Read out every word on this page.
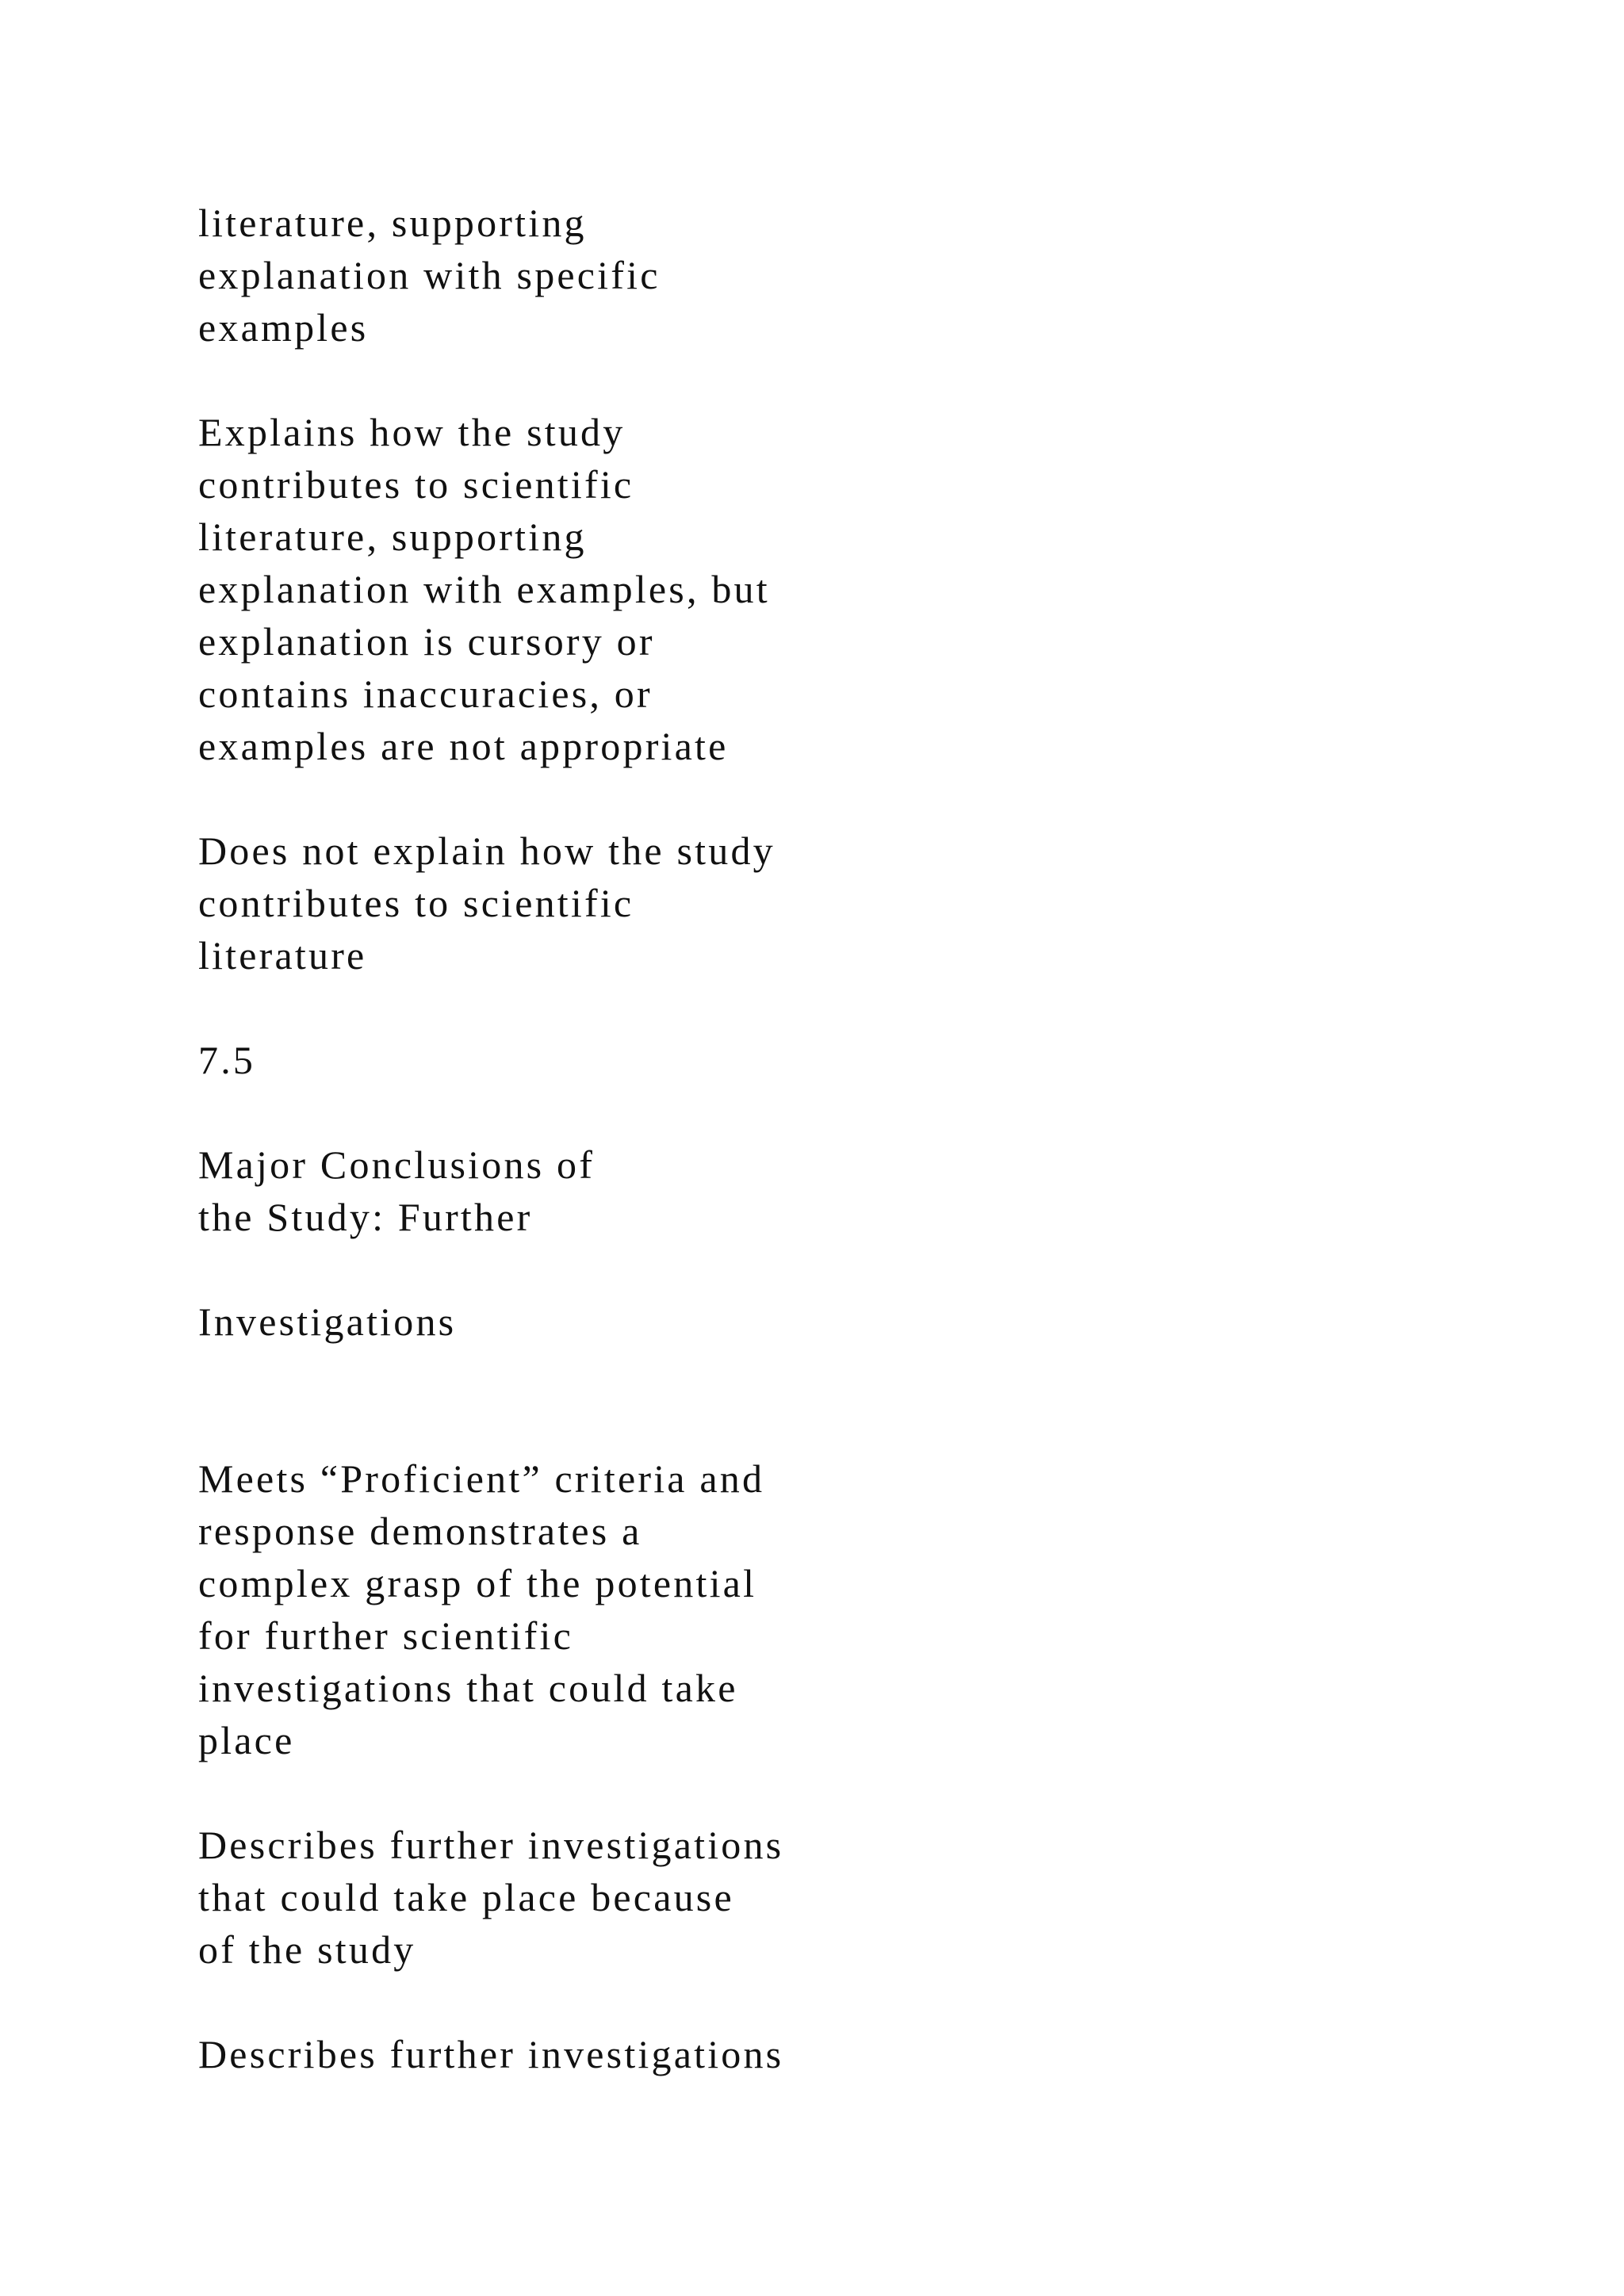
literature, supporting
explanation with specific
examples
Explains how the study
contributes to scientific
literature, supporting
explanation with examples, but
explanation is cursory or
contains inaccuracies, or
examples are not appropriate
Does not explain how the study
contributes to scientific
literature
7.5
Major Conclusions of
the Study: Further
Investigations
Meets “Proficient” criteria and
response demonstrates a
complex grasp of the potential
for further scientific
investigations that could take
place
Describes further investigations
that could take place because
of the study
Describes further investigations
